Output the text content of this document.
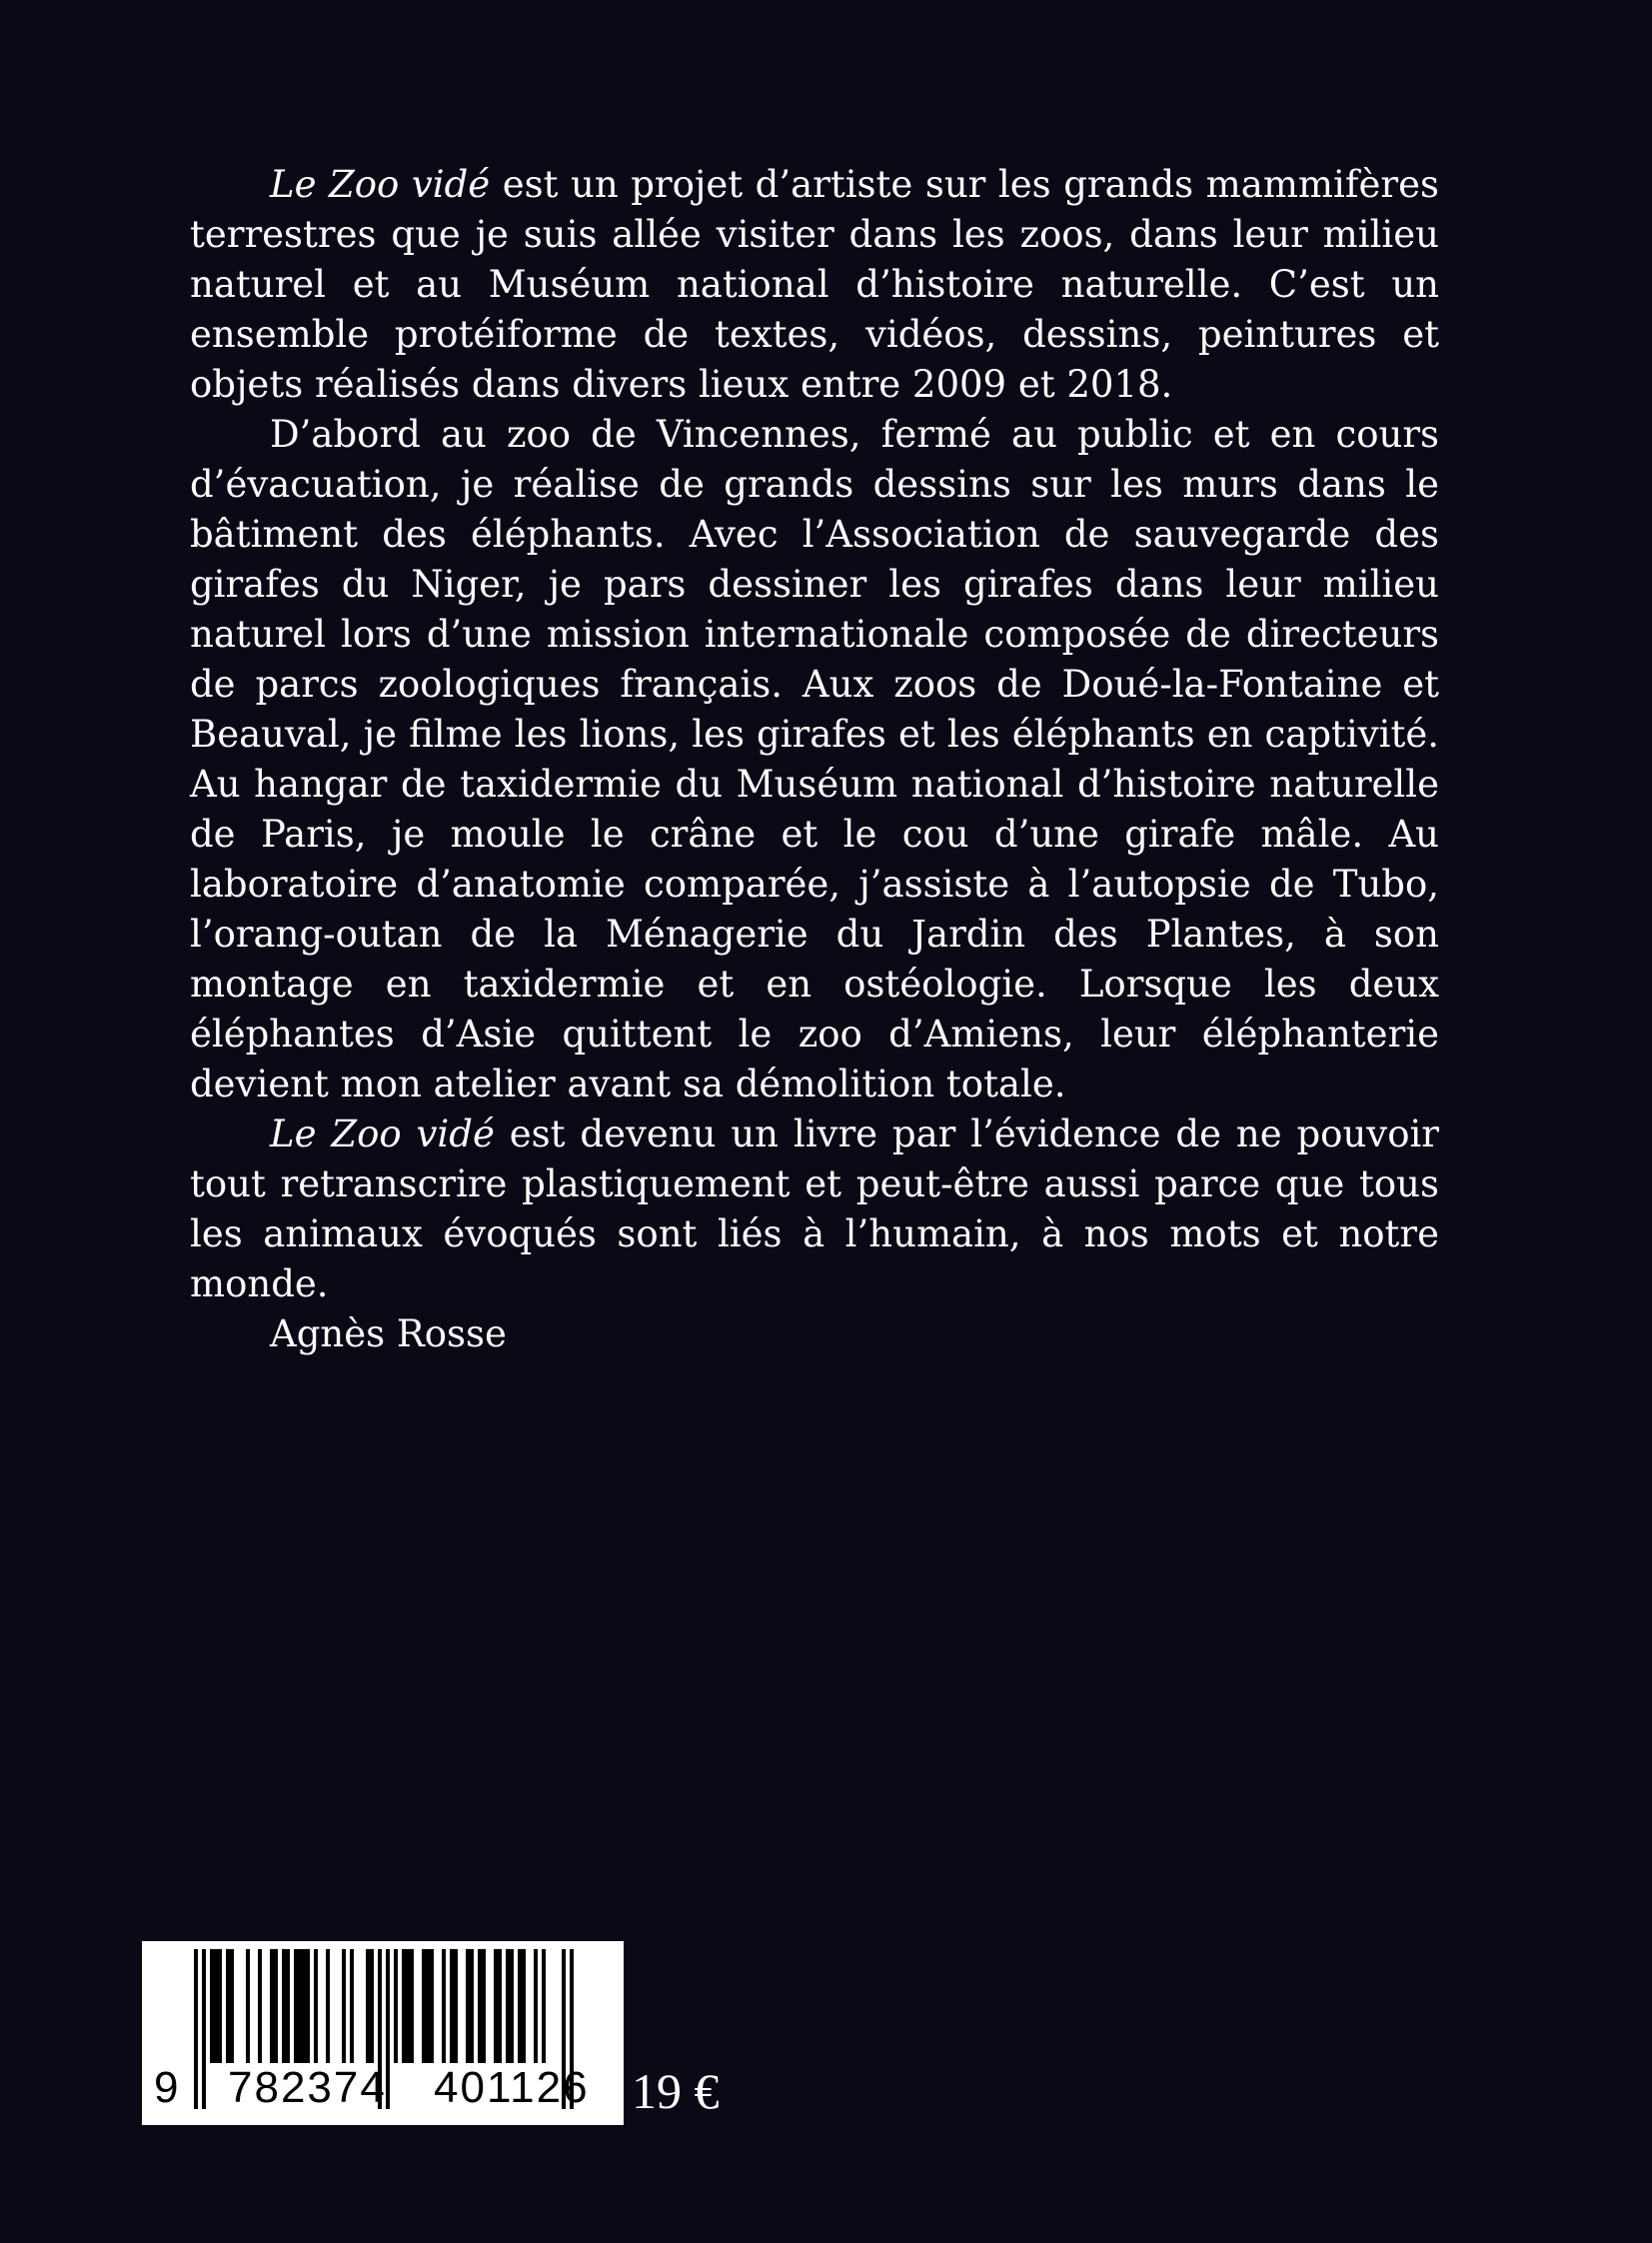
Le Zoo vidé est un projet d’artiste sur les grands mammifères terrestres que je suis allée visiter dans les zoos, dans leur milieu naturel et au Muséum national d’histoire naturelle. C’est un ensemble protéiforme de textes, vidéos, dessins, peintures et objets réalisés dans divers lieux entre 2009 et 2018.

D’abord au zoo de Vincennes, fermé au public et en cours d’évacuation, je réalise de grands dessins sur les murs dans le bâtiment des éléphants. Avec l’Association de sauvegarde des girafes du Niger, je pars dessiner les girafes dans leur milieu naturel lors d’une mission internationale composée de directeurs de parcs zoologiques français. Aux zoos de Doué-la-Fontaine et Beauval, je filme les lions, les girafes et les éléphants en captivité. Au hangar de taxidermie du Muséum national d’histoire naturelle de Paris, je moule le crâne et le cou d’une girafe mâle. Au laboratoire d’anatomie comparée, j’assiste à l’autopsie de Tubo, l’orang-outan de la Ménagerie du Jardin des Plantes, à son montage en taxidermie et en ostéologie. Lorsque les deux éléphantes d’Asie quittent le zoo d’Amiens, leur éléphanterie devient mon atelier avant sa démolition totale.

Le Zoo vidé est devenu un livre par l’évidence de ne pouvoir tout retranscrire plastiquement et peut-être aussi parce que tous les animaux évoqués sont liés à l’humain, à nos mots et notre monde.

Agnès Rosse

9 782374 401126 19 €
